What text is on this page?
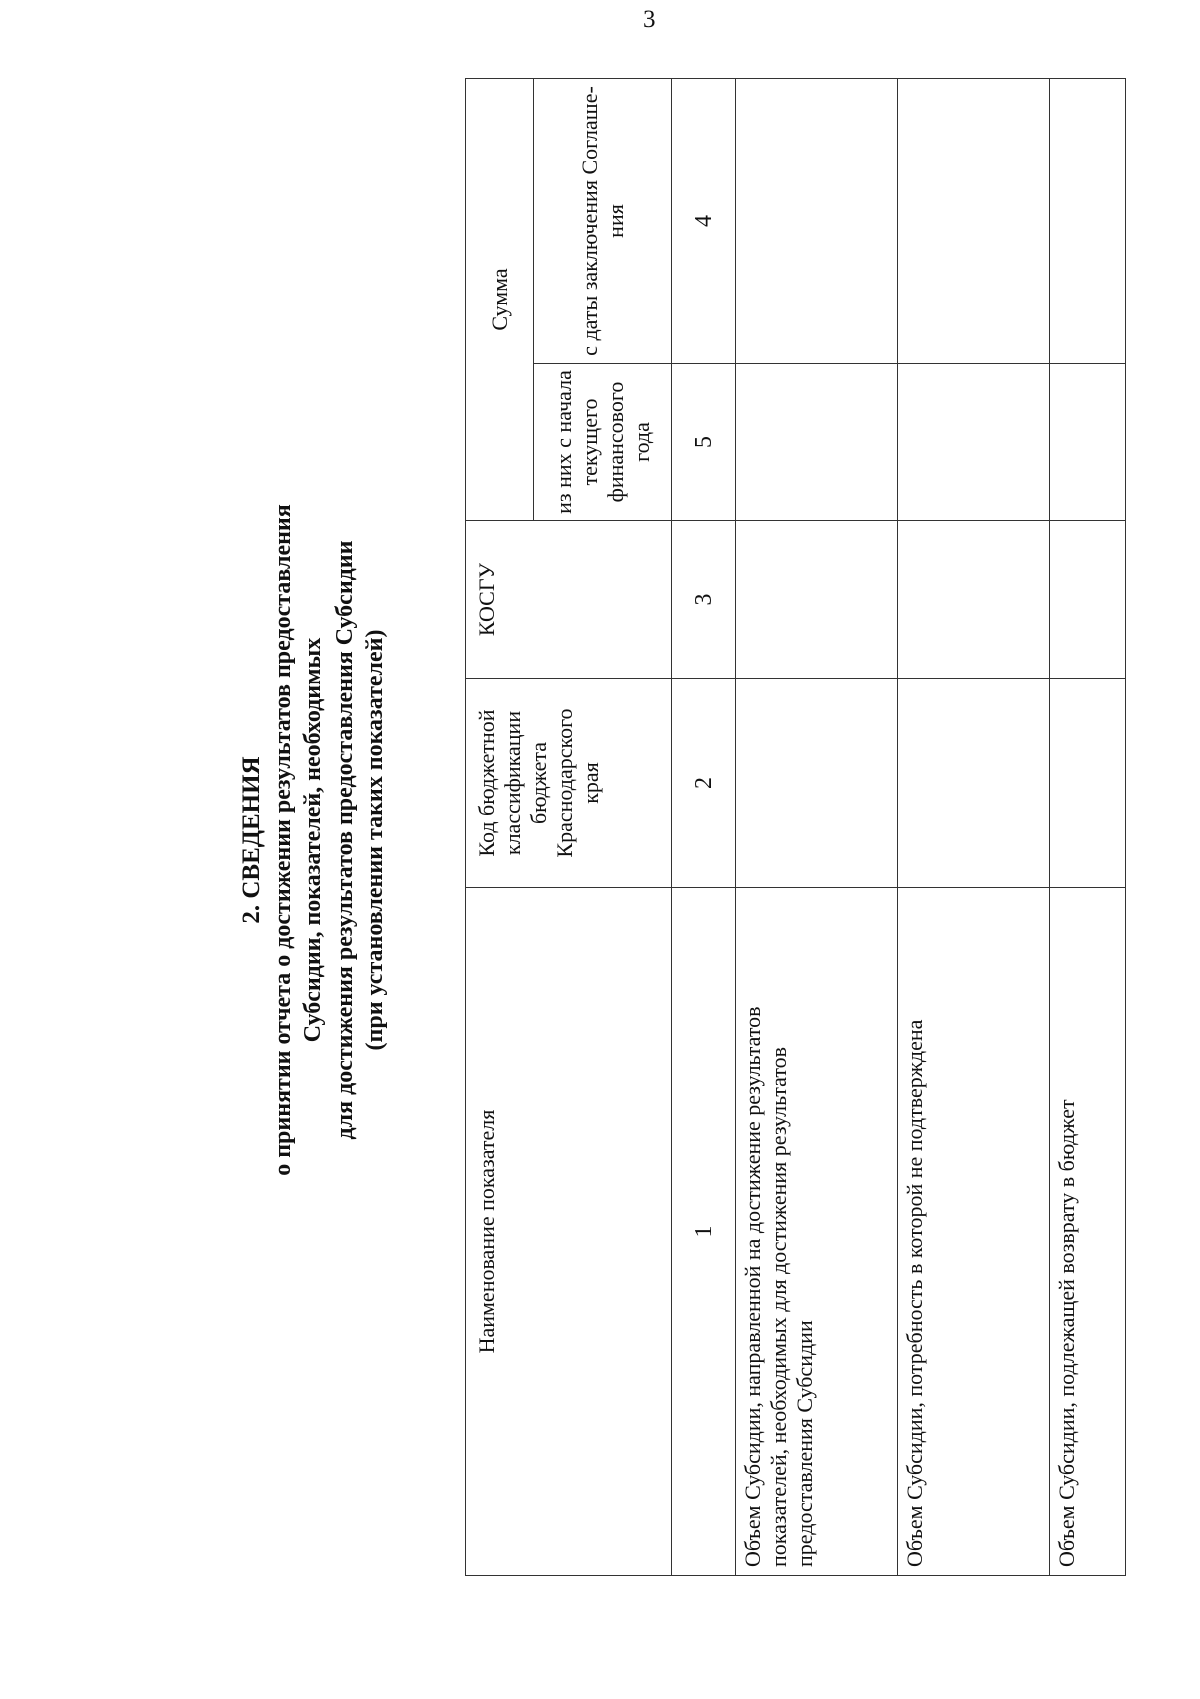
3
2. СВЕДЕНИЯ о принятии отчета о достижении результатов предоставления Субсидии, показателей, необходимых для достижения результатов предоставления Субсидии (при установлении таких показателей)
Наименование показателя	Код бюджетной классификации бюджета Краснодарского края	КОСГУ	Сумма	
			из них с начала текущего финансового года	с даты заключения Соглаше-ния
1	2	3	5	4
Объем Субсидии, направленной на достижение результатов показателей, необходимых для достижения результатов предоставления Субсидии				
Объем Субсидии, потребность в которой не подтверждена				
Объем Субсидии, подлежащей возврату в бюджет				
